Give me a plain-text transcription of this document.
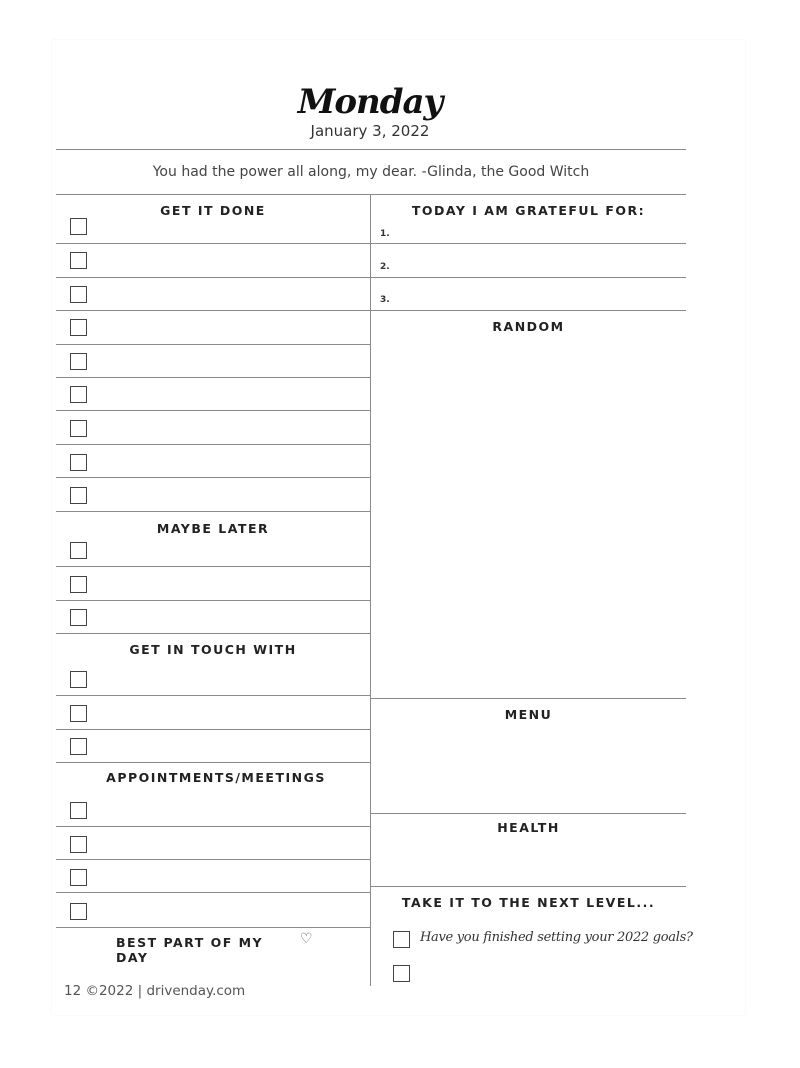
Monday
January 3, 2022
You had the power all along, my dear. -Glinda, the Good Witch
GET IT DONE
MAYBE LATER
GET IN TOUCH WITH
APPOINTMENTS/MEETINGS
BEST PART OF MY DAY
♡
TODAY I AM GRATEFUL FOR:
1.
2.
3.
RANDOM
MENU
HEALTH
TAKE IT TO THE NEXT LEVEL...
Have you finished setting your 2022 goals?
12 ©2022 | drivenday.com
